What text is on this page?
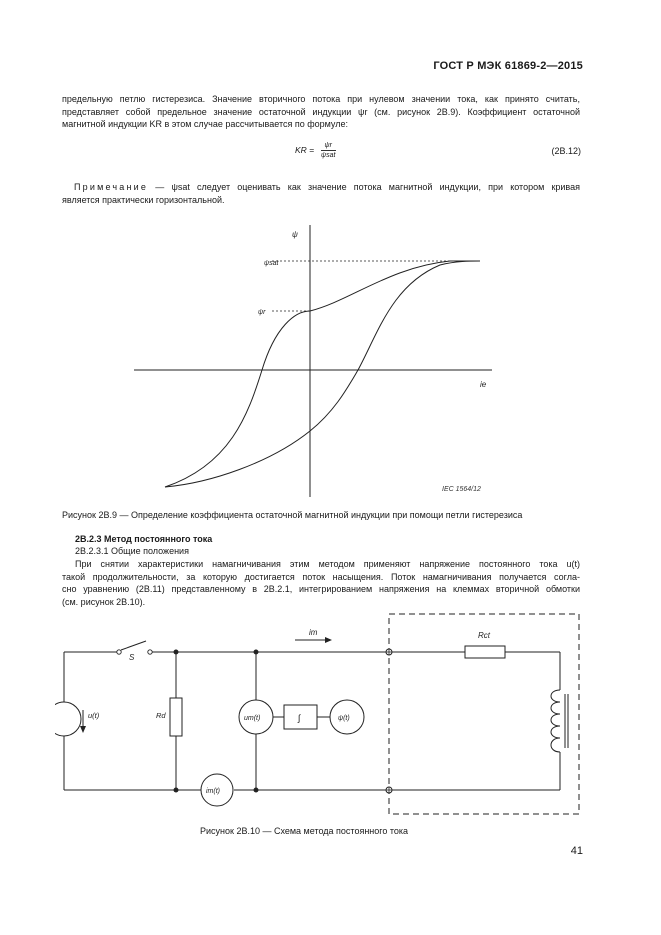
ГОСТ Р МЭК 61869-2—2015
предельную петлю гистерезиса. Значение вторичного потока при нулевом значении тока, как принято считать,
представляет собой предельное значение остаточной индукции ψr (см. рисунок 2В.9). Коэффициент остаточной
магнитной индукции KR в этом случае рассчитывается по формуле:
KR = $\frac{\psi r}{\text{ψsat}}$	(2В.12)
Примечание — ψsat следует оценивать как значение потока магнитной индукции, при котором кривая
является практически горизонтальной.
ψ
ie
ψsat
ψr
IEC 1564/12
Рисунок 2В.9 — Определение коэффициента остаточной магнитной индукции при помощи петли гистерезиса
2В.2.3 Метод постоянного тока
2В.2.3.1 Общие положения
При снятии характеристики намагничивания этим методом применяют напряжение постоянного тока u(t)
такой продолжительности, за которую достигается поток насыщения. Поток намагничивания получается согла-
сно уравнению (2В.11) представленному в 2В.2.1, интегрированием напряжения на клеммах вторичной обмотки
(см. рисунок 2В.10).
S
im
u(t)	Rd	um(t)	∫	ψ(t)
Rct
im(t)
Рисунок 2В.10 — Схема метода постоянного тока
41
